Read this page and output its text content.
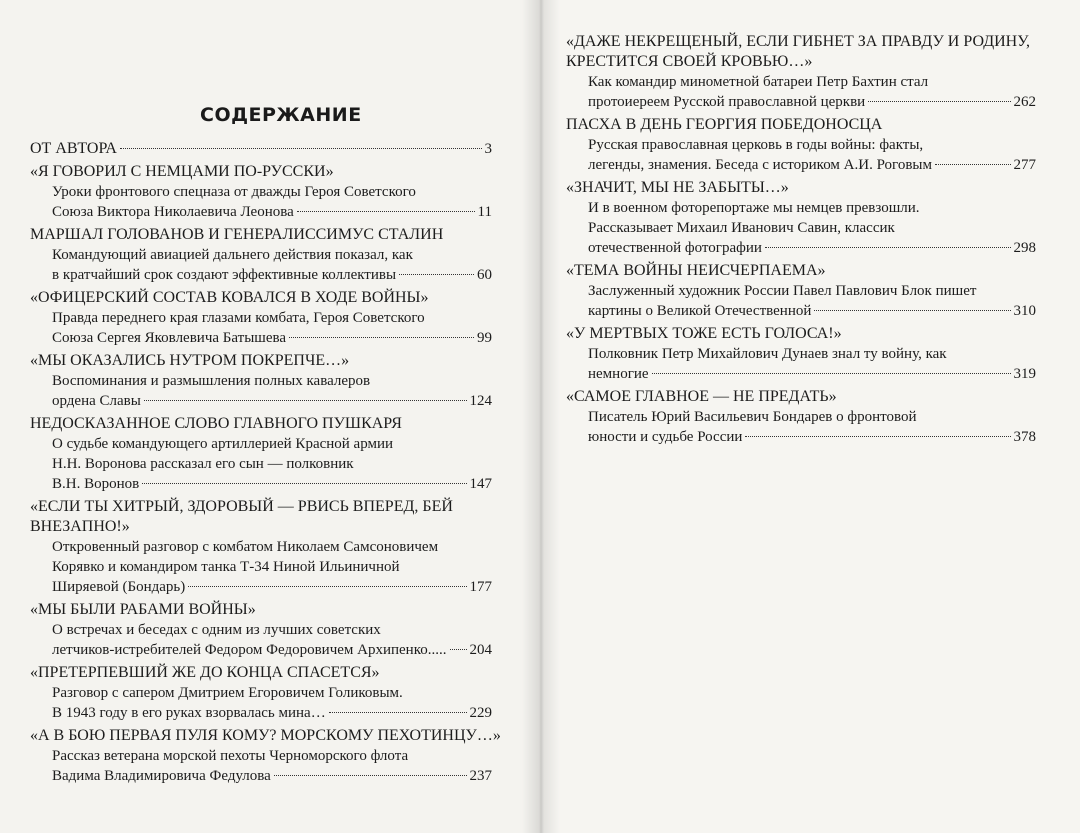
СОДЕРЖАНИЕ
ОТ АВТОРА	3
«Я ГОВОРИЛ С НЕМЦАМИ ПО-РУССКИ»
Уроки фронтового спецназа от дважды Героя Советского
Союза Виктора Николаевича Леонова	11
МАРШАЛ ГОЛОВАНОВ И ГЕНЕРАЛИССИМУС СТАЛИН
Командующий авиацией дальнего действия показал, как
в кратчайший срок создают эффективные коллективы	60
«ОФИЦЕРСКИЙ СОСТАВ КОВАЛСЯ В ХОДЕ ВОЙНЫ»
Правда переднего края глазами комбата, Героя Советского
Союза Сергея Яковлевича Батышева	99
«МЫ ОКАЗАЛИСЬ НУТРОМ ПОКРЕПЧЕ…»
Воспоминания и размышления полных кавалеров
ордена Славы	124
НЕДОСКАЗАННОЕ СЛОВО ГЛАВНОГО ПУШКАРЯ
О судьбе командующего артиллерией Красной армии
Н.Н. Воронова рассказал его сын — полковник
В.Н. Воронов	147
«ЕСЛИ ТЫ ХИТРЫЙ, ЗДОРОВЫЙ — РВИСЬ ВПЕРЕД, БЕЙ
ВНЕЗАПНО!»
Откровенный разговор с комбатом Николаем Самсоновичем
Корявко и командиром танка Т-34 Ниной Ильиничной
Ширяевой (Бондарь)	177
«МЫ БЫЛИ РАБАМИ ВОЙНЫ»
О встречах и беседах с одним из лучших советских
летчиков-истребителей Федором Федоровичем Архипенко..... 204
«ПРЕТЕРПЕВШИЙ ЖЕ ДО КОНЦА СПАСЕТСЯ»
Разговор с сапером Дмитрием Егоровичем Голиковым.
В 1943 году в его руках взорвалась мина…	229
«А В БОЮ ПЕРВАЯ ПУЛЯ КОМУ? МОРСКОМУ ПЕХОТИНЦУ…»
Рассказ ветерана морской пехоты Черноморского флота
Вадима Владимировича Федулова	237
«ДАЖЕ НЕКРЕЩЕНЫЙ, ЕСЛИ ГИБНЕТ ЗА ПРАВДУ И РОДИНУ,
КРЕСТИТСЯ СВОЕЙ КРОВЬЮ…»
Как командир минометной батареи Петр Бахтин стал
протоиереем Русской православной церкви	262
ПАСХА В ДЕНЬ ГЕОРГИЯ ПОБЕДОНОСЦА
Русская православная церковь в годы войны: факты,
легенды, знамения. Беседа с историком А.И. Роговым	277
«ЗНАЧИТ, МЫ НЕ ЗАБЫТЫ…»
И в военном фоторепортаже мы немцев превзошли.
Рассказывает Михаил Иванович Савин, классик
отечественной фотографии	298
«ТЕМА ВОЙНЫ НЕИСЧЕРПАЕМА»
Заслуженный художник России Павел Павлович Блок пишет
картины о Великой Отечественной	310
«У МЕРТВЫХ ТОЖЕ ЕСТЬ ГОЛОСА!»
Полковник Петр Михайлович Дунаев знал ту войну, как
немногие	319
«САМОЕ ГЛАВНОЕ — НЕ ПРЕДАТЬ»
Писатель Юрий Васильевич Бондарев о фронтовой
юности и судьбе России	378
